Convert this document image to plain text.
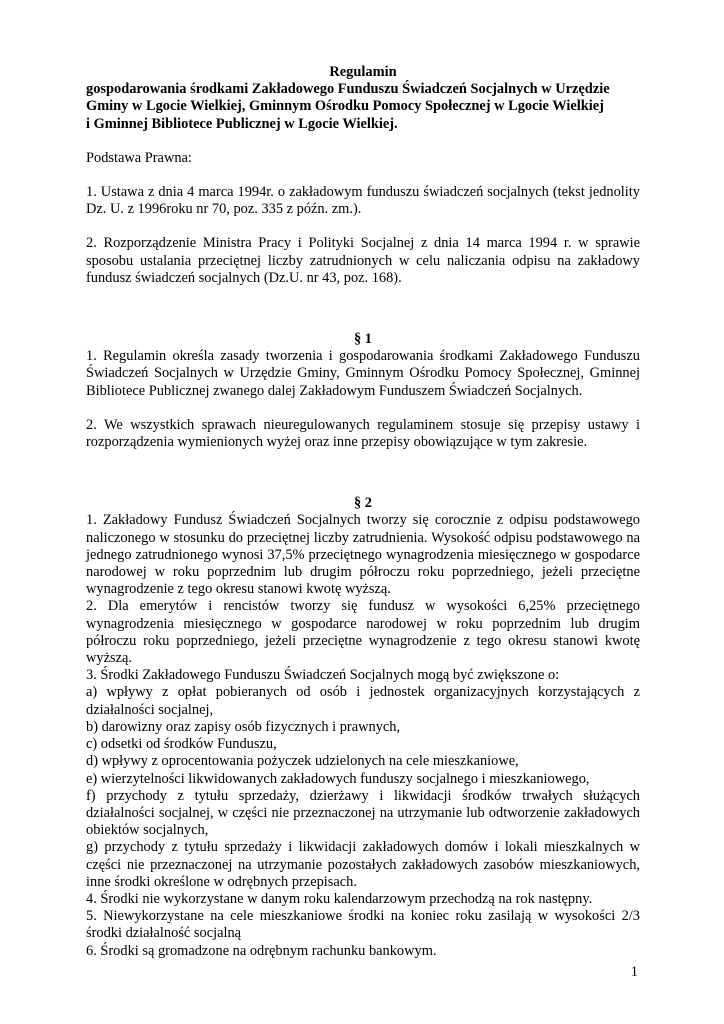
Regulamin

gospodarowania środkami Zakładowego Funduszu Świadczeń Socjalnych w Urzędzie

Gminy w Lgocie Wielkiej, Gminnym Ośrodku Pomocy Społecznej w Lgocie Wielkiej

i Gminnej Bibliotece Publicznej w Lgocie Wielkiej.

Podstawa Prawna:

1. Ustawa z dnia 4 marca 1994r. o zakładowym funduszu świadczeń socjalnych (tekst jednolity Dz. U. z 1996roku nr 70, poz. 335 z późn. zm.).

2. Rozporządzenie Ministra Pracy i Polityki Socjalnej z dnia 14 marca 1994 r. w sprawie sposobu ustalania przeciętnej liczby zatrudnionych w celu naliczania odpisu na zakładowy fundusz świadczeń socjalnych (Dz.U. nr 43, poz. 168).

§ 1

1. Regulamin określa zasady tworzenia i gospodarowania środkami Zakładowego Funduszu Świadczeń Socjalnych w Urzędzie Gminy, Gminnym Ośrodku Pomocy Społecznej, Gminnej Bibliotece Publicznej zwanego dalej Zakładowym Funduszem Świadczeń Socjalnych.

2. We wszystkich sprawach nieuregulowanych regulaminem stosuje się przepisy ustawy i rozporządzenia wymienionych wyżej oraz inne przepisy obowiązujące w tym zakresie.

§ 2

1. Zakładowy Fundusz Świadczeń Socjalnych tworzy się corocznie z odpisu podstawowego naliczonego w stosunku do przeciętnej liczby zatrudnienia. Wysokość odpisu podstawowego na jednego zatrudnionego wynosi 37,5% przeciętnego wynagrodzenia miesięcznego w gospodarce narodowej w roku poprzednim lub drugim półroczu roku poprzedniego, jeżeli przeciętne wynagrodzenie z tego okresu stanowi kwotę wyższą.

2. Dla emerytów i rencistów tworzy się fundusz w wysokości 6,25% przeciętnego wynagrodzenia miesięcznego w gospodarce narodowej w roku poprzednim lub drugim półroczu roku poprzedniego, jeżeli przeciętne wynagrodzenie z tego okresu stanowi kwotę wyższą.

3. Środki Zakładowego Funduszu Świadczeń Socjalnych mogą być zwiększone o:

a) wpływy z opłat pobieranych od osób i jednostek organizacyjnych korzystających z działalności socjalnej,

b) darowizny oraz zapisy osób fizycznych i prawnych,

c) odsetki od środków Funduszu,

d) wpływy z oprocentowania pożyczek udzielonych na cele mieszkaniowe,

e) wierzytelności likwidowanych zakładowych funduszy socjalnego i mieszkaniowego,

f) przychody z tytułu sprzedaży, dzierżawy i likwidacji środków trwałych służących działalności socjalnej, w części nie przeznaczonej na utrzymanie lub odtworzenie zakładowych obiektów socjalnych,

g) przychody z tytułu sprzedaży i likwidacji zakładowych domów i lokali mieszkalnych w części nie przeznaczonej na utrzymanie pozostałych zakładowych zasobów mieszkaniowych, inne środki określone w odrębnych przepisach.

4. Środki nie wykorzystane w danym roku kalendarzowym przechodzą na rok następny.

5. Niewykorzystane na cele mieszkaniowe środki na koniec roku zasilają w wysokości 2/3 środki działalność socjalną

6. Środki są gromadzone na odrębnym rachunku bankowym.

1
